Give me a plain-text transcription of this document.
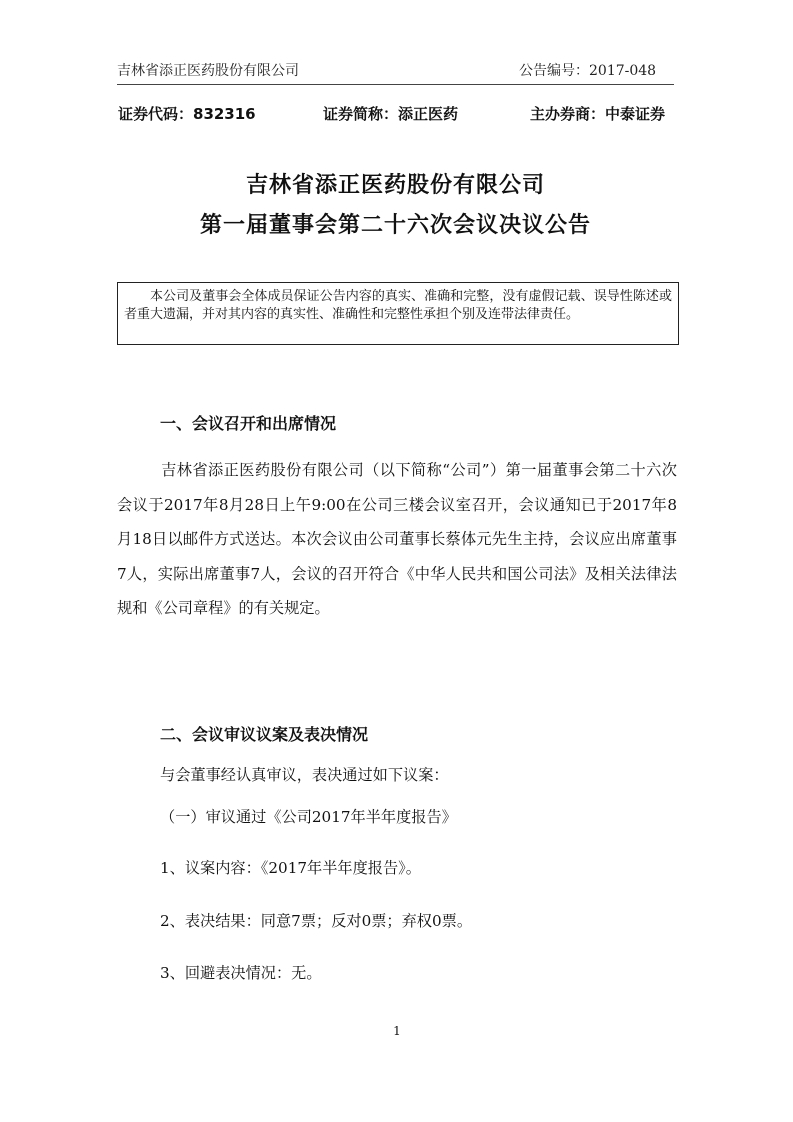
吉林省添正医药股份有限公司	公告编号：2017-048
证券代码：832316	证券简称：添正医药	主办券商：中泰证券
吉林省添正医药股份有限公司
第一届董事会第二十六次会议决议公告
本公司及董事会全体成员保证公告内容的真实、准确和完整，没有虚假记载、误导性陈述或者重大遗漏，并对其内容的真实性、准确性和完整性承担个别及连带法律责任。
一、会议召开和出席情况
吉林省添正医药股份有限公司（以下简称“公司”）第一届董事会第二十六次会议于2017年8月28日上午9:00在公司三楼会议室召开，会议通知已于2017年8月18日以邮件方式送达。本次会议由公司董事长蔡体元先生主持，会议应出席董事7人，实际出席董事7人，会议的召开符合《中华人民共和国公司法》及相关法律法规和《公司章程》的有关规定。
二、会议审议议案及表决情况
与会董事经认真审议，表决通过如下议案：
（一）审议通过《公司2017年半年度报告》
1、议案内容：《2017年半年度报告》。
2、表决结果：同意7票；反对0票；弃权0票。
3、回避表决情况：无。
1
